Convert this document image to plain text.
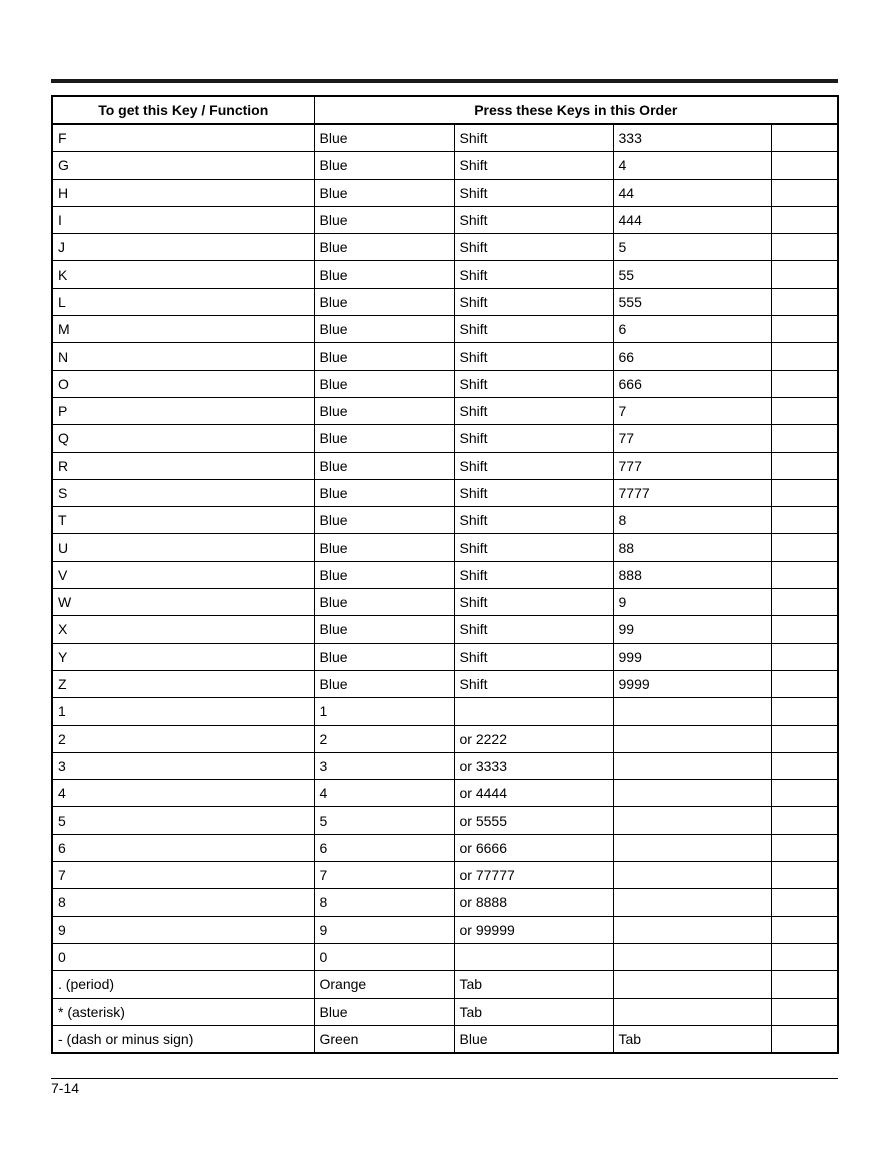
To get this Key / Function	Press these Keys in this Order			
F	Blue	Shift	333	
G	Blue	Shift	4	
H	Blue	Shift	44	
I	Blue	Shift	444	
J	Blue	Shift	5	
K	Blue	Shift	55	
L	Blue	Shift	555	
M	Blue	Shift	6	
N	Blue	Shift	66	
O	Blue	Shift	666	
P	Blue	Shift	7	
Q	Blue	Shift	77	
R	Blue	Shift	777	
S	Blue	Shift	7777	
T	Blue	Shift	8	
U	Blue	Shift	88	
V	Blue	Shift	888	
W	Blue	Shift	9	
X	Blue	Shift	99	
Y	Blue	Shift	999	
Z	Blue	Shift	9999	
1	1			
2	2	or 2222		
3	3	or 3333		
4	4	or 4444		
5	5	or 5555		
6	6	or 6666		
7	7	or 77777		
8	8	or 8888		
9	9	or 99999		
0	0			
. (period)	Orange	Tab		
* (asterisk)	Blue	Tab		
- (dash or minus sign)	Green	Blue	Tab	
7-14
